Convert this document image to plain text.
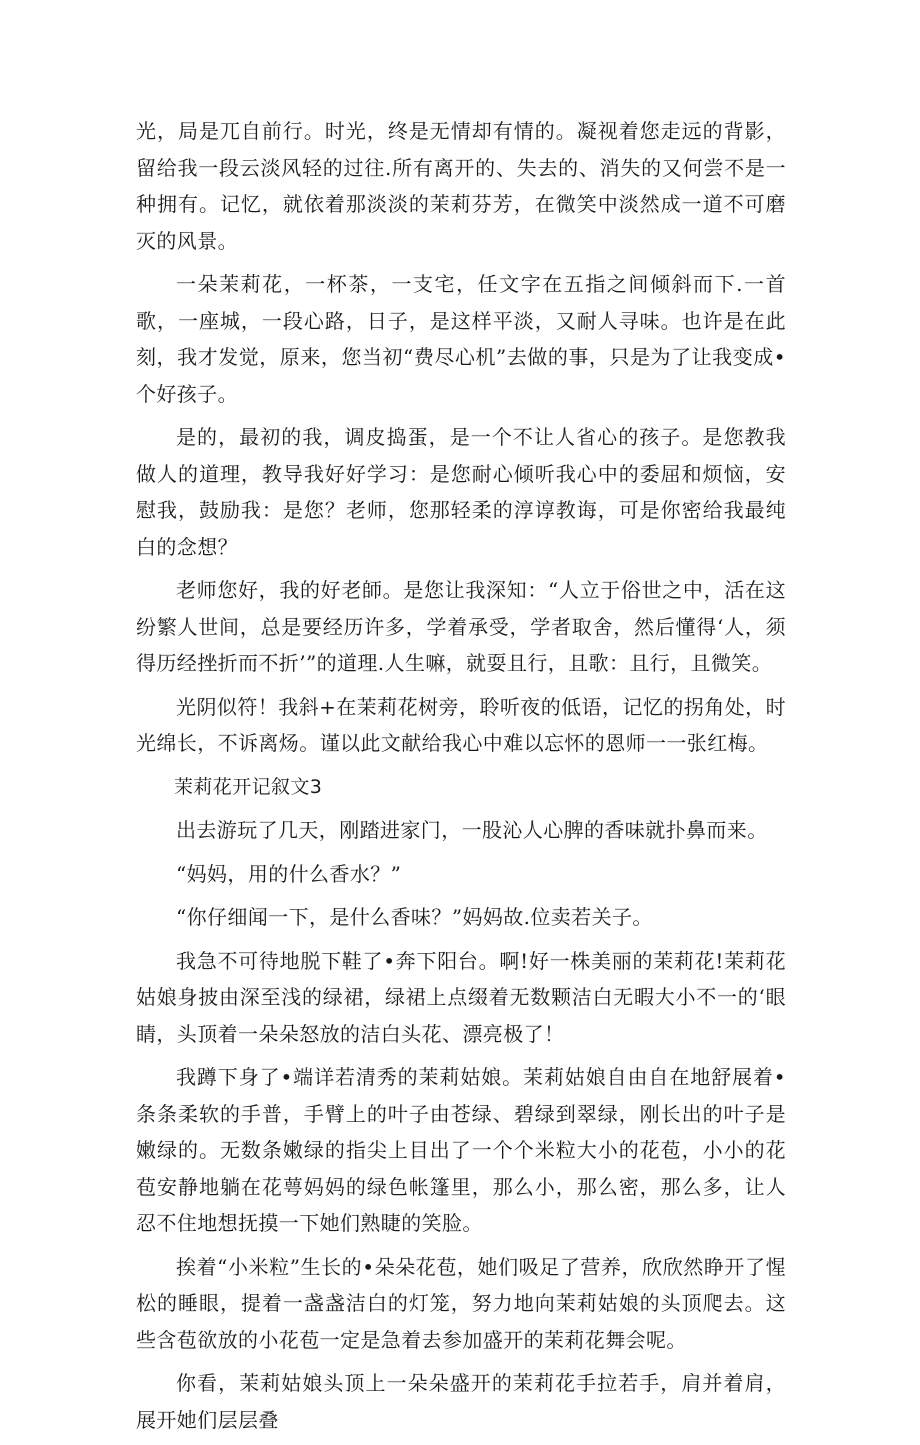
光，局是兀自前行。时光，终是无情却有情的。凝视着您走远的背影，留给我一段云淡风轻的过往.所有离开的、失去的、消失的又何尝不是一种拥有。记忆，就依着那淡淡的茉莉芬芳，在微笑中淡然成一道不可磨灭的风景。

一朵茉莉花，一杯茶，一支宅，任文字在五指之间倾斜而下.一首歌，一座城，一段心路，日子，是这样平淡，又耐人寻味。也许是在此刻，我才发觉，原来，您当初“费尽心机”去做的事，只是为了让我变成•个好孩子。

是的，最初的我，调皮捣蛋，是一个不让人省心的孩子。是您教我做人的道理，教导我好好学习：是您耐心倾听我心中的委屈和烦恼，安慰我，鼓励我：是您？老师，您那轻柔的淳谆教诲，可是你密给我最纯白的念想？

老师您好，我的好老師。是您让我深知：“人立于俗世之中，活在这纷繁人世间，总是要经历许多，学着承受，学者取舍，然后懂得‘人，须得历经挫折而不折’”的道理.人生嘛，就耍且行，且歌：且行，且微笑。

光阴似符！我斜+在茉莉花树旁，聆听夜的低语，记忆的拐角处，时光绵长，不诉离炀。谨以此文献给我心中难以忘怀的恩师一一张红梅。

茉莉花开记叙文3

出去游玩了几天，刚踏进家门，一股沁人心脾的香味就扑鼻而来。

“妈妈，用的什么香水？”

“你仔细闻一下，是什么香味？”妈妈故.位卖若关子。

我急不可待地脱下鞋了•奔下阳台。啊!好一株美丽的茉莉花!茉莉花姑娘身披由深至浅的绿裙，绿裙上点缀着无数颗洁白无暇大小不一的‘眼睛，头顶着一朵朵怒放的洁白头花、漂亮极了！

我蹲下身了•端详若清秀的茉莉姑娘。茉莉姑娘自由自在地舒展着•条条柔软的手普，手臂上的叶子由苍绿、碧绿到翠绿，刚长出的叶子是嫩绿的。无数条嫩绿的指尖上目出了一个个米粒大小的花苞，小小的花苞安静地躺在花萼妈妈的绿色帐篷里，那么小，那么密，那么多，让人忍不住地想抚摸一下她们熟睫的笑脸。

挨着“小米粒”生长的•朵朵花苞，她们吸足了营养，欣欣然睁开了惺松的睡眼，提着一盏盏洁白的灯笼，努力地向茉莉姑娘的头顶爬去。这些含苞欲放的小花苞一定是急着去参加盛开的茉莉花舞会呢。

你看，茉莉姑娘头顶上一朵朵盛开的茉莉花手拉若手，肩并着肩，展开她们层层叠
